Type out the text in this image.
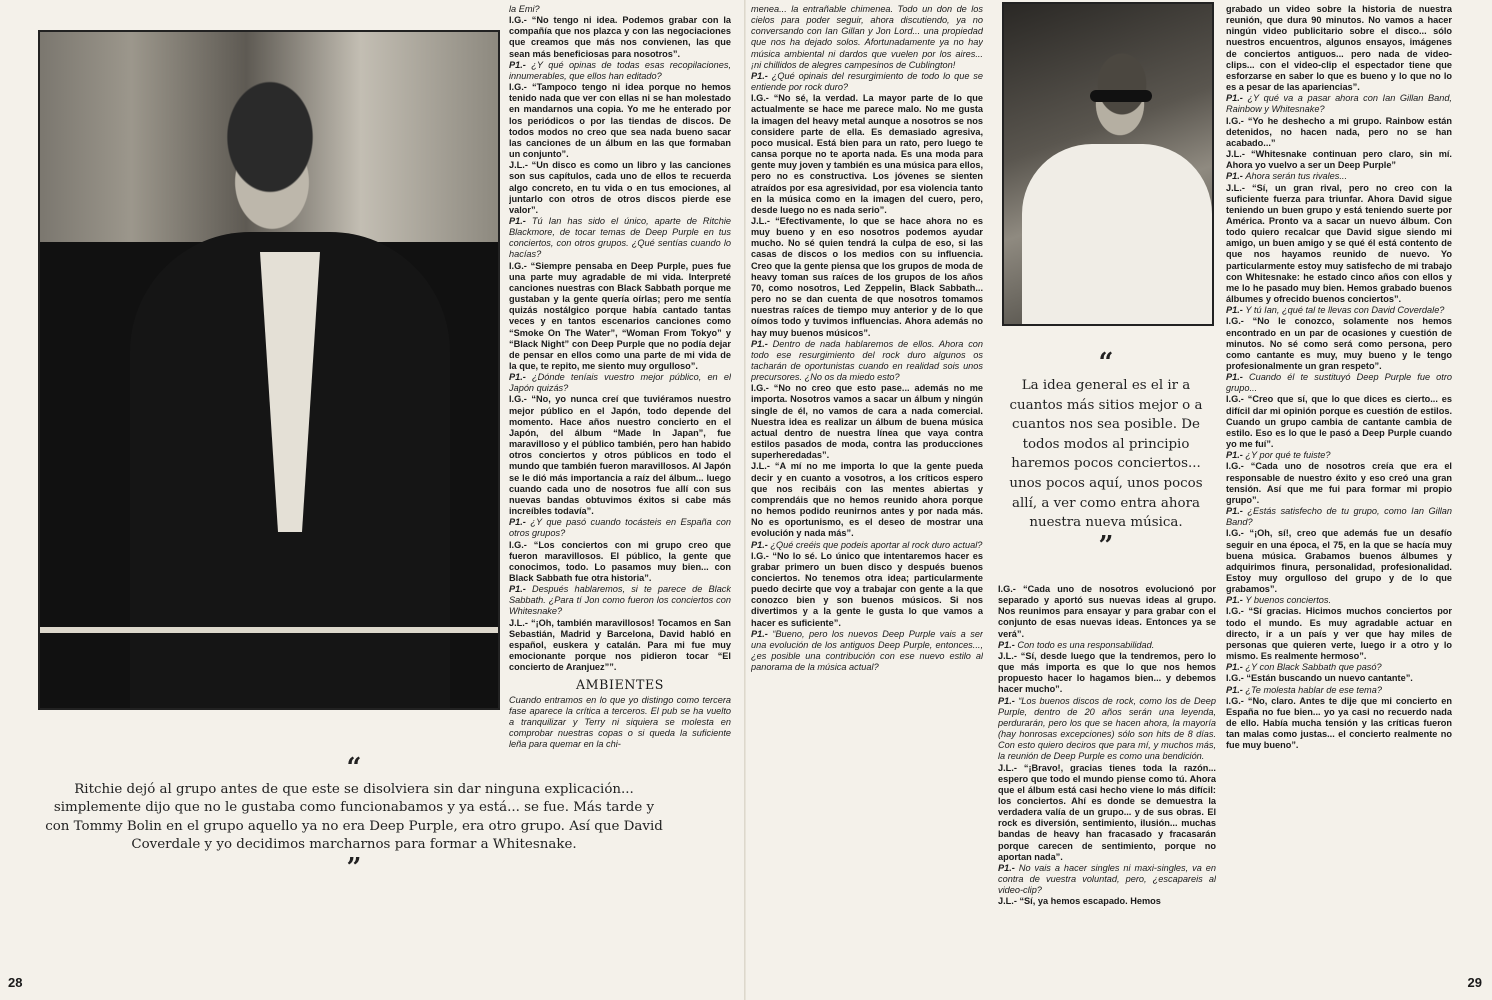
“
Ritchie dejó al grupo antes de que este se disolviera sin dar ninguna explicación... simplemente dijo que no le gustaba como funcionabamos y ya está... se fue. Más tarde y con Tommy Bolin en el grupo aquello ya no era Deep Purple, era otro grupo. Así que David Coverdale y yo decidimos marcharnos para formar a Whitesnake.
”

la Emi?

I.G.- “No tengo ni idea. Podemos grabar con la compañía que nos plazca y con las negociaciones que creamos que más nos convienen, las que sean más beneficiosas para nosotros”.

P1.- ¿Y qué opinas de todas esas recopilaciones, innumerables, que ellos han editado?

I.G.- “Tampoco tengo ni idea porque no hemos tenido nada que ver con ellas ni se han molestado en mandarnos una copia. Yo me he enterado por los periódicos o por las tiendas de discos. De todos modos no creo que sea nada bueno sacar las canciones de un álbum en las que formaban un conjunto”.

J.L.- “Un disco es como un libro y las canciones son sus capítulos, cada uno de ellos te recuerda algo concreto, en tu vida o en tus emociones, al juntarlo con otros de otros discos pierde ese valor”.

P1.- Tú Ian has sido el único, aparte de Ritchie Blackmore, de tocar temas de Deep Purple en tus conciertos, con otros grupos. ¿Qué sentías cuando lo hacías?

I.G.- “Siempre pensaba en Deep Purple, pues fue una parte muy agradable de mi vida. Interpreté canciones nuestras con Black Sabbath porque me gustaban y la gente quería oírlas; pero me sentía quizás nostálgico porque había cantado tantas veces y en tantos escenarios canciones como “Smoke On The Water”, “Woman From Tokyo” y “Black Night” con Deep Purple que no podía dejar de pensar en ellos como una parte de mi vida de la que, te repito, me siento muy orgulloso”.

P1.- ¿Dónde teníais vuestro mejor público, en el Japón quizás?

I.G.- “No, yo nunca creí que tuviéramos nuestro mejor público en el Japón, todo depende del momento. Hace años nuestro concierto en el Japón, del álbum “Made In Japan”, fue maravilloso y el público también, pero han habido otros conciertos y otros públicos en todo el mundo que también fueron maravillosos. Al Japón se le dió más importancia a raíz del álbum... luego cuando cada uno de nosotros fue allí con sus nuevas bandas obtuvimos éxitos si cabe más increíbles todavía”.

P1.- ¿Y que pasó cuando tocásteis en España con otros grupos?

I.G.- “Los conciertos con mi grupo creo que fueron maravillosos. El público, la gente que conocimos, todo. Lo pasamos muy bien... con Black Sabbath fue otra historia”.

P1.- Después hablaremos, si te parece de Black Sabbath. ¿Para tí Jon como fueron los conciertos con Whitesnake?

J.L.- “¡Oh, también maravillosos! Tocamos en San Sebastián, Madrid y Barcelona, David habló en español, euskera y catalán. Para mi fue muy emocionante porque nos pidieron tocar “El concierto de Aranjuez””.

AMBIENTES

Cuando entramos en lo que yo distingo como tercera fase aparece la crítica a terceros. El pub se ha vuelto a tranquilizar y Terry ni siquiera se molesta en comprobar nuestras copas o si queda la suficiente leña para quemar en la chi-

28

menea... la entrañable chimenea. Todo un don de los cielos para poder seguir, ahora discutiendo, ya no conversando con Ian Gillan y Jon Lord... una propiedad que nos ha dejado solos. Afortunadamente ya no hay música ambiental ni dardos que vuelen por los aires... ¡ni chillidos de alegres campesinos de Cublington!

P1.- ¿Qué opinais del resurgimiento de todo lo que se entiende por rock duro?

I.G.- “No sé, la verdad. La mayor parte de lo que actualmente se hace me parece malo. No me gusta la imagen del heavy metal aunque a nosotros se nos considere parte de ella. Es demasiado agresiva, poco musical. Está bien para un rato, pero luego te cansa porque no te aporta nada. Es una moda para gente muy joven y también es una música para ellos, pero no es constructiva. Los jóvenes se sienten atraídos por esa agresividad, por esa violencia tanto en la música como en la imagen del cuero, pero, desde luego no es nada serio”.

J.L.- “Efectivamente, lo que se hace ahora no es muy bueno y en eso nosotros podemos ayudar mucho. No sé quien tendrá la culpa de eso, si las casas de discos o los medios con su influencia. Creo que la gente piensa que los grupos de moda de heavy toman sus raíces de los grupos de los años 70, como nosotros, Led Zeppelin, Black Sabbath... pero no se dan cuenta de que nosotros tomamos nuestras raíces de tiempo muy anterior y de lo que oímos todo y tuvimos influencias. Ahora además no hay muy buenos músicos”.

P1.- Dentro de nada hablaremos de ellos. Ahora con todo ese resurgimiento del rock duro algunos os tacharán de oportunistas cuando en realidad sois unos precursores. ¿No os da miedo esto?

I.G.- “No no creo que esto pase... además no me importa. Nosotros vamos a sacar un álbum y ningún single de él, no vamos de cara a nada comercial. Nuestra idea es realizar un álbum de buena música actual dentro de nuestra línea que vaya contra estilos pasados de moda, contra las producciones superheredadas”.

J.L.- “A mí no me importa lo que la gente pueda decir y en cuanto a vosotros, a los críticos espero que nos recibáis con las mentes abiertas y comprendáis que no hemos reunido ahora porque no hemos podido reunirnos antes y por nada más. No es oportunismo, es el deseo de mostrar una evolución y nada más”.

P1.- ¿Qué creéis que podeis aportar al rock duro actual?

I.G.- “No lo sé. Lo único que intentaremos hacer es grabar primero un buen disco y después buenos conciertos. No tenemos otra idea; particularmente puedo decirte que voy a trabajar con gente a la que conozco bien y son buenos músicos. Si nos divertimos y a la gente le gusta lo que vamos a hacer es suficiente”.

P1.- “Bueno, pero los nuevos Deep Purple vais a ser una evolución de los antiguos Deep Purple, entonces..., ¿es posible una contribución con ese nuevo estilo al panorama de la música actual?

“
La idea general es el ir a cuantos más sitios mejor o a cuantos nos sea posible. De todos modos al principio haremos pocos conciertos... unos pocos aquí, unos pocos allí, a ver como entra ahora nuestra nueva música.
”

I.G.- “Cada uno de nosotros evolucionó por separado y aportó sus nuevas ideas al grupo. Nos reunimos para ensayar y para grabar con el conjunto de esas nuevas ideas. Entonces ya se verá”.

P1.- Con todo es una responsabilidad.

J.L.- “Sí, desde luego que la tendremos, pero lo que más importa es que lo que nos hemos propuesto hacer lo hagamos bien... y debemos hacer mucho”.

P1.- “Los buenos discos de rock, como los de Deep Purple, dentro de 20 años serán una leyenda, perdurarán, pero los que se hacen ahora, la mayoría (hay honrosas excepciones) sólo son hits de 8 días. Con esto quiero deciros que para mí, y muchos más, la reunión de Deep Purple es como una bendición.

J.L.- “¡Bravo!, gracias tienes toda la razón... espero que todo el mundo piense como tú. Ahora que el álbum está casi hecho viene lo más difícil: los conciertos. Ahí es donde se demuestra la verdadera valía de un grupo... y de sus obras. El rock es diversión, sentimiento, ilusión... muchas bandas de heavy han fracasado y fracasarán porque carecen de sentimiento, porque no aportan nada”.

P1.- No vais a hacer singles ni maxi-singles, va en contra de vuestra voluntad, pero, ¿escapareis al video-clip?

J.L.- “Sí, ya hemos escapado. Hemos

grabado un video sobre la historia de nuestra reunión, que dura 90 minutos. No vamos a hacer ningún video publicitario sobre el disco... sólo nuestros encuentros, algunos ensayos, imágenes de conciertos antiguos... pero nada de video-clips... con el video-clip el espectador tiene que esforzarse en saber lo que es bueno y lo que no lo es a pesar de las apariencias”.

P1.- ¿Y qué va a pasar ahora con Ian Gillan Band, Rainbow y Whitesnake?

I.G.- “Yo he deshecho a mi grupo. Rainbow están detenidos, no hacen nada, pero no se han acabado...”

J.L.- “Whitesnake continuan pero claro, sin mí. Ahora yo vuelvo a ser un Deep Purple”

P1.- Ahora serán tus rivales...

J.L.- “Sí, un gran rival, pero no creo con la suficiente fuerza para triunfar. Ahora David sigue teniendo un buen grupo y está teniendo suerte por América. Pronto va a sacar un nuevo álbum. Con todo quiero recalcar que David sigue siendo mi amigo, un buen amigo y se qué él está contento de que nos hayamos reunido de nuevo. Yo particularmente estoy muy satisfecho de mi trabajo con Whitesnake: he estado cinco años con ellos y me lo he pasado muy bien. Hemos grabado buenos álbumes y ofrecido buenos conciertos”.

P1.- Y tú Ian, ¿qué tal te llevas con David Coverdale?

I.G.- “No le conozco, solamente nos hemos encontrado en un par de ocasiones y cuestión de minutos. No sé como será como persona, pero como cantante es muy, muy bueno y le tengo profesionalmente un gran respeto”.

P1.- Cuando él te sustituyó Deep Purple fue otro grupo...

I.G.- “Creo que sí, que lo que dices es cierto... es difícil dar mi opinión porque es cuestión de estilos. Cuando un grupo cambia de cantante cambia de estilo. Eso es lo que le pasó a Deep Purple cuando yo me fuí”.

P1.- ¿Y por qué te fuiste?

I.G.- “Cada uno de nosotros creía que era el responsable de nuestro éxito y eso creó una gran tensión. Así que me fui para formar mi propio grupo”.

P1.- ¿Estás satisfecho de tu grupo, como Ian Gillan Band?

I.G.- “¡Oh, sí!, creo que además fue un desafío seguir en una época, el 75, en la que se hacía muy buena música. Grabamos buenos álbumes y adquirimos finura, personalidad, profesionalidad. Estoy muy orgulloso del grupo y de lo que grabamos”.

P1.- Y buenos conciertos.

I.G.- “Sí gracias. Hicimos muchos conciertos por todo el mundo. Es muy agradable actuar en directo, ir a un país y ver que hay miles de personas que quieren verte, luego ir a otro y lo mismo. Es realmente hermoso”.

P1.- ¿Y con Black Sabbath que pasó?

I.G.- “Están buscando un nuevo cantante”.

P1.- ¿Te molesta hablar de ese tema?

I.G.- “No, claro. Antes te dije que mi concierto en España no fue bien... yo ya casi no recuerdo nada de ello. Había mucha tensión y las críticas fueron tan malas como justas... el concierto realmente no fue muy bueno”.

29
